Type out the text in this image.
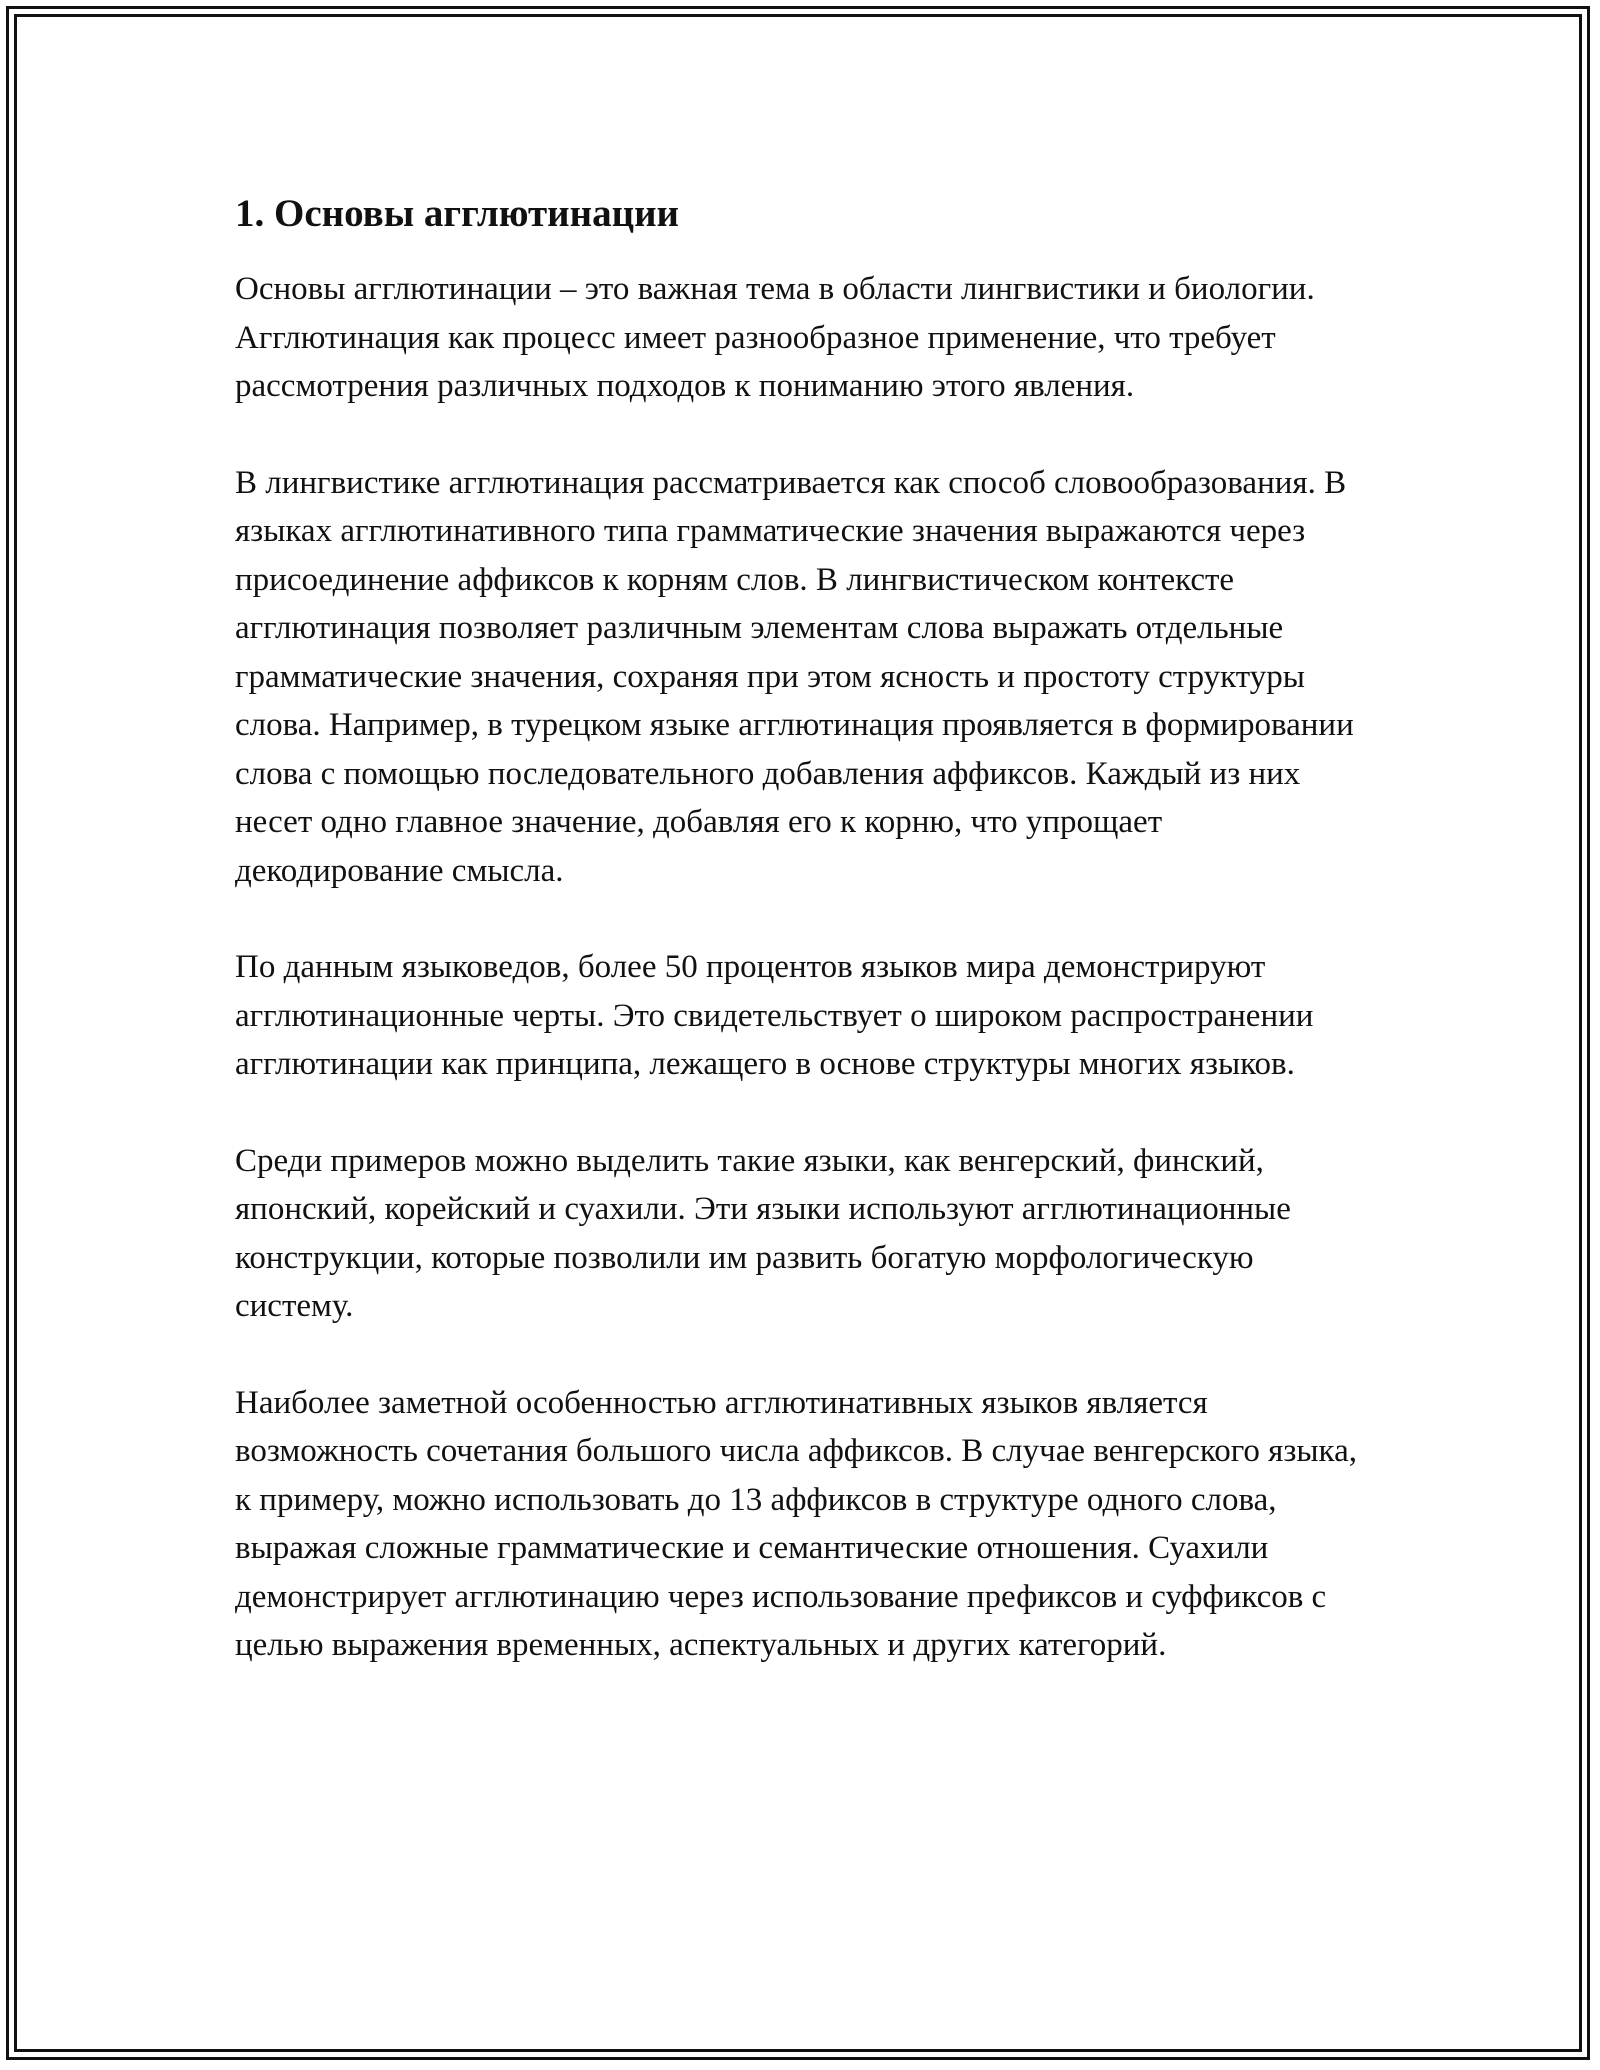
1. Основы агглютинации

Основы агглютинации – это важная тема в области лингвистики и биологии. Агглютинация как процесс имеет разнообразное применение, что требует рассмотрения различных подходов к пониманию этого явления.

В лингвистике агглютинация рассматривается как способ словообразования. В языках агглютинативного типа грамматические значения выражаются через присоединение аффиксов к корням слов. В лингвистическом контексте агглютинация позволяет различным элементам слова выражать отдельные грамматические значения, сохраняя при этом ясность и простоту структуры слова. Например, в турецком языке агглютинация проявляется в формировании слова с помощью последовательного добавления аффиксов. Каждый из них несет одно главное значение, добавляя его к корню, что упрощает декодирование смысла.

По данным языковедов, более 50 процентов языков мира демонстрируют агглютинационные черты. Это свидетельствует о широком распространении агглютинации как принципа, лежащего в основе структуры многих языков.

Среди примеров можно выделить такие языки, как венгерский, финский, японский, корейский и суахили. Эти языки используют агглютинационные конструкции, которые позволили им развить богатую морфологическую систему.

Наиболее заметной особенностью агглютинативных языков является возможность сочетания большого числа аффиксов. В случае венгерского языка, к примеру, можно использовать до 13 аффиксов в структуре одного слова, выражая сложные грамматические и семантические отношения. Суахили демонстрирует агглютинацию через использование префиксов и суффиксов с целью выражения временных, аспектуальных и других категорий.
